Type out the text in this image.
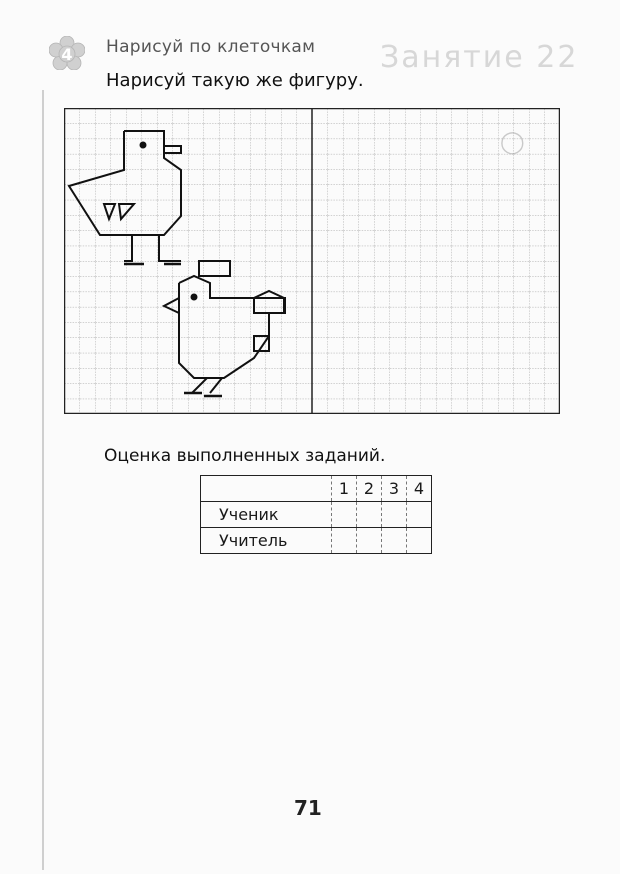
Занятие 22
4 Нарисуй по клеточкам
Нарисуй такую же фигуру.
Оценка выполненных заданий.
	1	2	3	4
Ученик				
Учитель				
71
